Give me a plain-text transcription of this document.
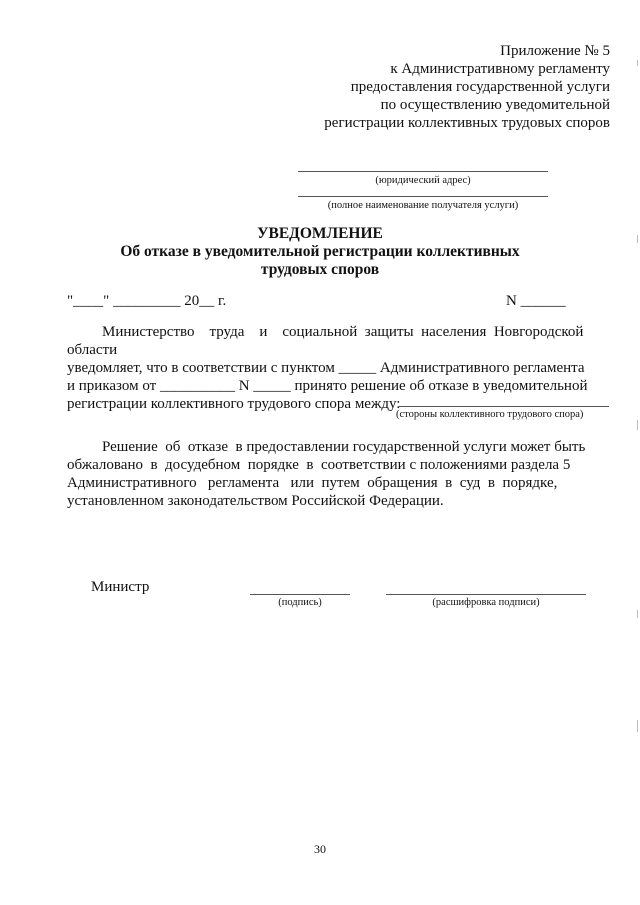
Приложение № 5
к Административному регламенту
предоставления государственной услуги
по осуществлению уведомительной
регистрации коллективных трудовых споров
(юридический адрес)
(полное наименование получателя услуги)
УВЕДОМЛЕНИЕ
Об отказе в уведомительной регистрации коллективных
трудовых споров
"____" _________ 20__ г.	N ______
Министерство    труда    и    социальной  защиты  населения  Новгородской
области
уведомляет, что в соответствии с пунктом _____ Административного регламента
и приказом от __________ N _____ принято решение об отказе в уведомительной
регистрации коллективного трудового спора между:
(стороны коллективного трудового спора)
Решение  об  отказе  в предоставлении государственной услуги может быть
обжаловано  в  досудебном  порядке  в  соответствии с положениями раздела 5
Административного   регламента   или  путем  обращения  в  суд  в  порядке,
установленном законодательством Российской Федерации.
Министр
(подпись)	(расшифровка подписи)
30
